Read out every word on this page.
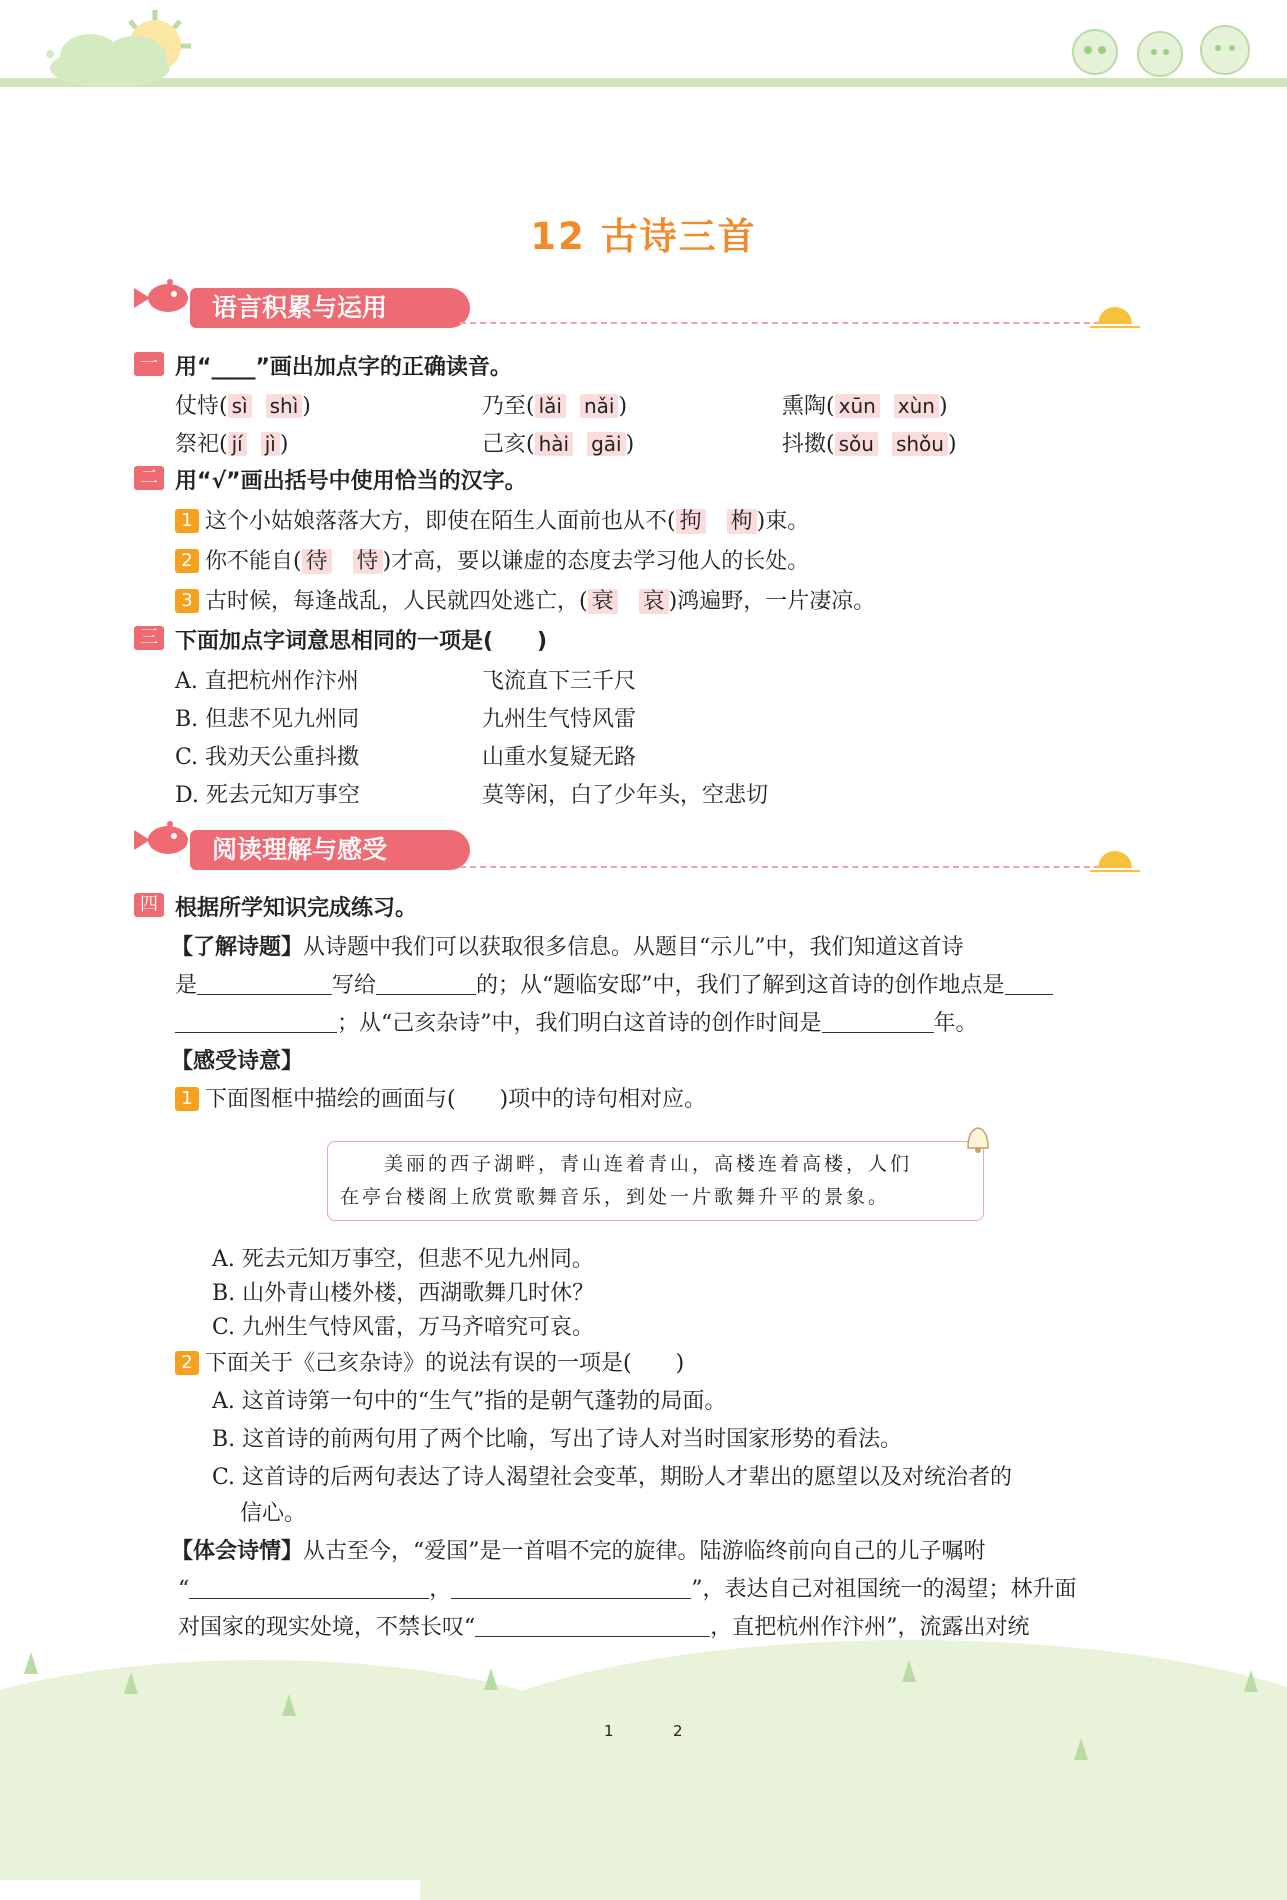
12 古诗三首
语言积累与运用
一 用“____”画出加点字的正确读音。
仗恃( sì shì )	乃至( lǎi nǎi )	熏陶( xūn xùn )
祭祀( jí jì )	己亥( hài gāi )	抖擞( sǒu shǒu )
二 用“√”画出括号中使用恰当的汉字。
1 这个小姑娘落落大方，即使在陌生人面前也从不( 拘 枸 )束。
2 你不能自( 待 恃 )才高，要以谦虚的态度去学习他人的长处。
3 古时候，每逢战乱，人民就四处逃亡，( 衰 哀 )鸿遍野，一片凄凉。
三 下面加点字词意思相同的一项是(　　)
A. 直把杭州作汴州	飞流直下三千尺
B. 但悲不见九州同	九州生气恃风雷
C. 我劝天公重抖擞	山重水复疑无路
D. 死去元知万事空	莫等闲，白了少年头，空悲切
阅读理解与感受
四 根据所学知识完成练习。
【了解诗题】从诗题中我们可以获取很多信息。从题目“示儿”中，我们知道这首诗
是	写给	的；从“题临安邸”中，我们了解到这首诗的创作地点是
；从“己亥杂诗”中，我们明白这首诗的创作时间是	年。
【感受诗意】
1 下面图框中描绘的画面与(　　)项中的诗句相对应。
美丽的西子湖畔，青山连着青山，高楼连着高楼，人们
在亭台楼阁上欣赏歌舞音乐，到处一片歌舞升平的景象。
A. 死去元知万事空，但悲不见九州同。
B. 山外青山楼外楼，西湖歌舞几时休？
C. 九州生气恃风雷，万马齐喑究可哀。
2 下面关于《己亥杂诗》的说法有误的一项是(　　)
A. 这首诗第一句中的“生气”指的是朝气蓬勃的局面。
B. 这首诗的前两句用了两个比喻，写出了诗人对当时国家形势的看法。
C. 这首诗的后两句表达了诗人渴望社会变革，期盼人才辈出的愿望以及对统治者的
信心。
【体会诗情】从古至今，“爱国”是一首唱不完的旋律。陆游临终前向自己的儿子嘱咐
“	，	”，表达自己对祖国统一的渴望；林升面
对国家的现实处境，不禁长叹“	，直把杭州作汴州”，流露出对统
1	2
